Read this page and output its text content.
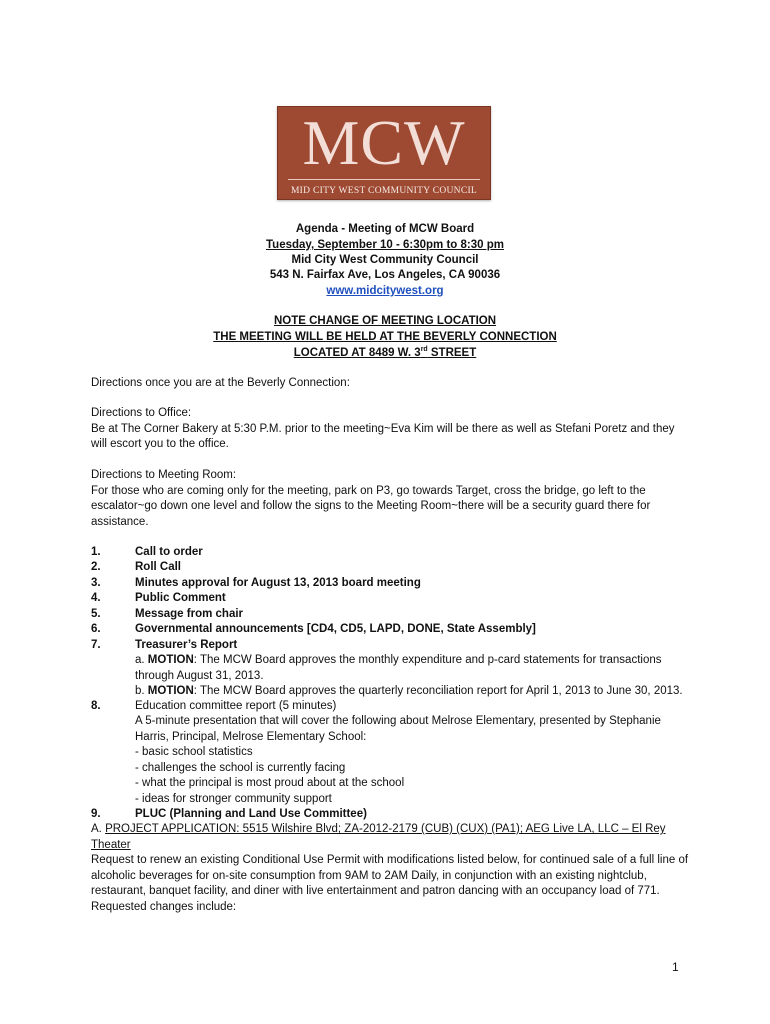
MCW
MID CITY WEST COMMUNITY COUNCIL
Agenda - Meeting of MCW Board
Tuesday, September 10 - 6:30pm to 8:30 pm
Mid City West Community Council
543 N. Fairfax Ave, Los Angeles, CA 90036
www.midcitywest.org
NOTE CHANGE OF MEETING LOCATION
THE MEETING WILL BE HELD AT THE BEVERLY CONNECTION
LOCATED AT 8489 W. 3rd STREET

Directions once you are at the Beverly Connection:

Directions to Office:

Be at The Corner Bakery at 5:30 P.M. prior to the meeting~Eva Kim will be there as well as Stefani Poretz and they will escort you to the office.

Directions to Meeting Room:

For those who are coming only for the meeting, park on P3, go towards Target, cross the bridge, go left to the escalator~go down one level and follow the signs to the Meeting Room~there will be a security guard there for assistance.

1.	Call to order
2.	Roll Call
3.	Minutes approval for August 13, 2013 board meeting
4.	Public Comment
5.	Message from chair
6.	Governmental announcements [CD4, CD5, LAPD, DONE, State Assembly]
7.	Treasurer’s Report

a. MOTION: The MCW Board approves the monthly expenditure and p-card statements for transactions through August 31, 2013.

b. MOTION: The MCW Board approves the quarterly reconciliation report for April 1, 2013 to June 30, 2013.

8.	Education committee report (5 minutes)

A 5-minute presentation that will cover the following about Melrose Elementary, presented by Stephanie Harris, Principal, Melrose Elementary School:

- basic school statistics

- challenges the school is currently facing

- what the principal is most proud about at the school

- ideas for stronger community support

9.	PLUC (Planning and Land Use Committee)

A. PROJECT APPLICATION: 5515 Wilshire Blvd; ZA-2012-2179 (CUB) (CUX) (PA1); AEG Live LA, LLC – El Rey Theater

Request to renew an existing Conditional Use Permit with modifications listed below, for continued sale of a full line of alcoholic beverages for on-site consumption from 9AM to 2AM Daily, in conjunction with an existing nightclub, restaurant, banquet facility, and diner with live entertainment and patron dancing with an occupancy load of 771. Requested changes include:

1
